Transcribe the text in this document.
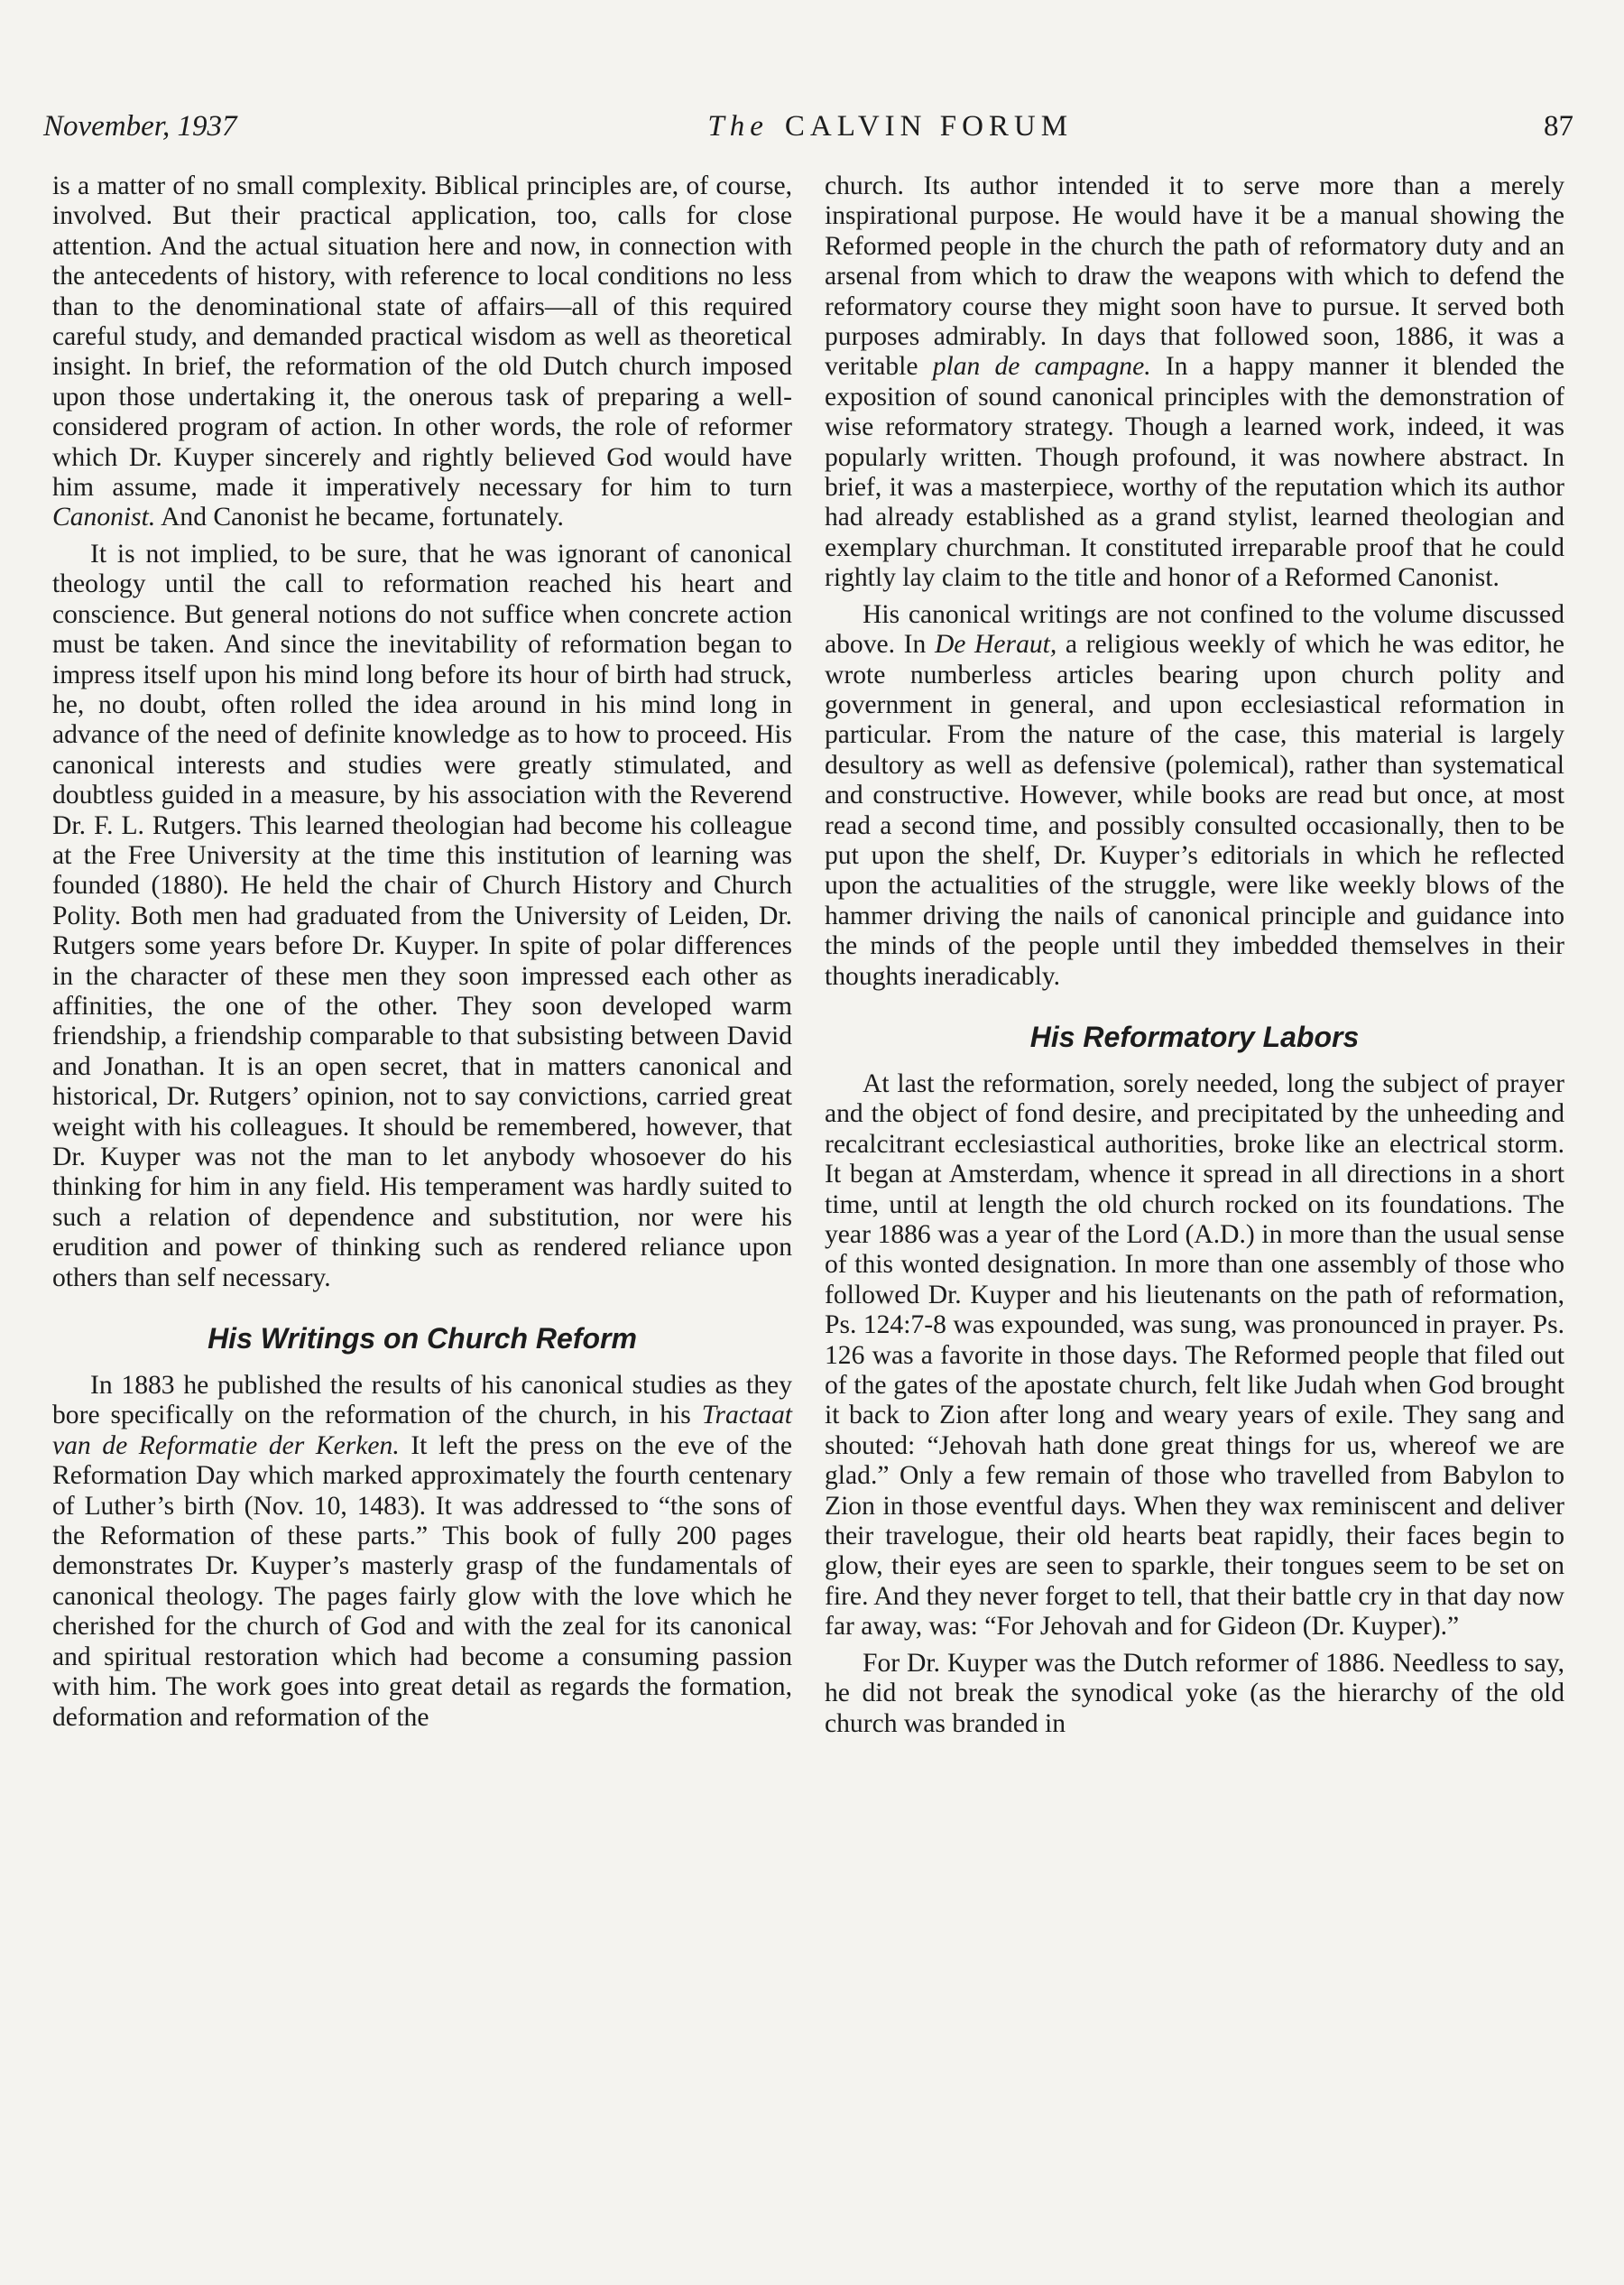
November, 1937	The CALVIN FORUM	87

is a matter of no small complexity. Biblical principles are, of course, involved. But their practical application, too, calls for close attention. And the actual situation here and now, in connection with the antecedents of history, with reference to local conditions no less than to the denominational state of affairs—all of this required careful study, and demanded practical wisdom as well as theoretical insight. In brief, the reformation of the old Dutch church imposed upon those undertaking it, the onerous task of preparing a well-considered program of action. In other words, the role of reformer which Dr. Kuyper sincerely and rightly believed God would have him assume, made it imperatively necessary for him to turn Canonist. And Canonist he became, fortunately.

It is not implied, to be sure, that he was ignorant of canonical theology until the call to reformation reached his heart and conscience. But general notions do not suffice when concrete action must be taken. And since the inevitability of reformation began to impress itself upon his mind long before its hour of birth had struck, he, no doubt, often rolled the idea around in his mind long in advance of the need of definite knowledge as to how to proceed. His canonical interests and studies were greatly stimulated, and doubtless guided in a measure, by his association with the Reverend Dr. F. L. Rutgers. This learned theologian had become his colleague at the Free University at the time this institution of learning was founded (1880). He held the chair of Church History and Church Polity. Both men had graduated from the University of Leiden, Dr. Rutgers some years before Dr. Kuyper. In spite of polar differences in the character of these men they soon impressed each other as affinities, the one of the other. They soon developed warm friendship, a friendship comparable to that subsisting between David and Jonathan. It is an open secret, that in matters canonical and historical, Dr. Rutgers’ opinion, not to say convictions, carried great weight with his colleagues. It should be remembered, however, that Dr. Kuyper was not the man to let anybody whosoever do his thinking for him in any field. His temperament was hardly suited to such a relation of dependence and substitution, nor were his erudition and power of thinking such as rendered reliance upon others than self necessary.

His Writings on Church Reform

In 1883 he published the results of his canonical studies as they bore specifically on the reformation of the church, in his Tractaat van de Reformatie der Kerken. It left the press on the eve of the Reformation Day which marked approximately the fourth centenary of Luther’s birth (Nov. 10, 1483). It was addressed to “the sons of the Reformation of these parts.” This book of fully 200 pages demonstrates Dr. Kuyper’s masterly grasp of the fundamentals of canonical theology. The pages fairly glow with the love which he cherished for the church of God and with the zeal for its canonical and spiritual restoration which had become a consuming passion with him. The work goes into great detail as regards the formation, deformation and reformation of the

church. Its author intended it to serve more than a merely inspirational purpose. He would have it be a manual showing the Reformed people in the church the path of reformatory duty and an arsenal from which to draw the weapons with which to defend the reformatory course they might soon have to pursue. It served both purposes admirably. In days that followed soon, 1886, it was a veritable plan de campagne. In a happy manner it blended the exposition of sound canonical principles with the demonstration of wise reformatory strategy. Though a learned work, indeed, it was popularly written. Though profound, it was nowhere abstract. In brief, it was a masterpiece, worthy of the reputation which its author had already established as a grand stylist, learned theologian and exemplary churchman. It constituted irreparable proof that he could rightly lay claim to the title and honor of a Reformed Canonist.

His canonical writings are not confined to the volume discussed above. In De Heraut, a religious weekly of which he was editor, he wrote numberless articles bearing upon church polity and government in general, and upon ecclesiastical reformation in particular. From the nature of the case, this material is largely desultory as well as defensive (polemical), rather than systematical and constructive. However, while books are read but once, at most read a second time, and possibly consulted occasionally, then to be put upon the shelf, Dr. Kuyper’s editorials in which he reflected upon the actualities of the struggle, were like weekly blows of the hammer driving the nails of canonical principle and guidance into the minds of the people until they imbedded themselves in their thoughts ineradicably.

His Reformatory Labors

At last the reformation, sorely needed, long the subject of prayer and the object of fond desire, and precipitated by the unheeding and recalcitrant ecclesiastical authorities, broke like an electrical storm. It began at Amsterdam, whence it spread in all directions in a short time, until at length the old church rocked on its foundations. The year 1886 was a year of the Lord (A.D.) in more than the usual sense of this wonted designation. In more than one assembly of those who followed Dr. Kuyper and his lieutenants on the path of reformation, Ps. 124:7-8 was expounded, was sung, was pronounced in prayer. Ps. 126 was a favorite in those days. The Reformed people that filed out of the gates of the apostate church, felt like Judah when God brought it back to Zion after long and weary years of exile. They sang and shouted: “Jehovah hath done great things for us, whereof we are glad.” Only a few remain of those who travelled from Babylon to Zion in those eventful days. When they wax reminiscent and deliver their travelogue, their old hearts beat rapidly, their faces begin to glow, their eyes are seen to sparkle, their tongues seem to be set on fire. And they never forget to tell, that their battle cry in that day now far away, was: “For Jehovah and for Gideon (Dr. Kuyper).”

For Dr. Kuyper was the Dutch reformer of 1886. Needless to say, he did not break the synodical yoke (as the hierarchy of the old church was branded in
